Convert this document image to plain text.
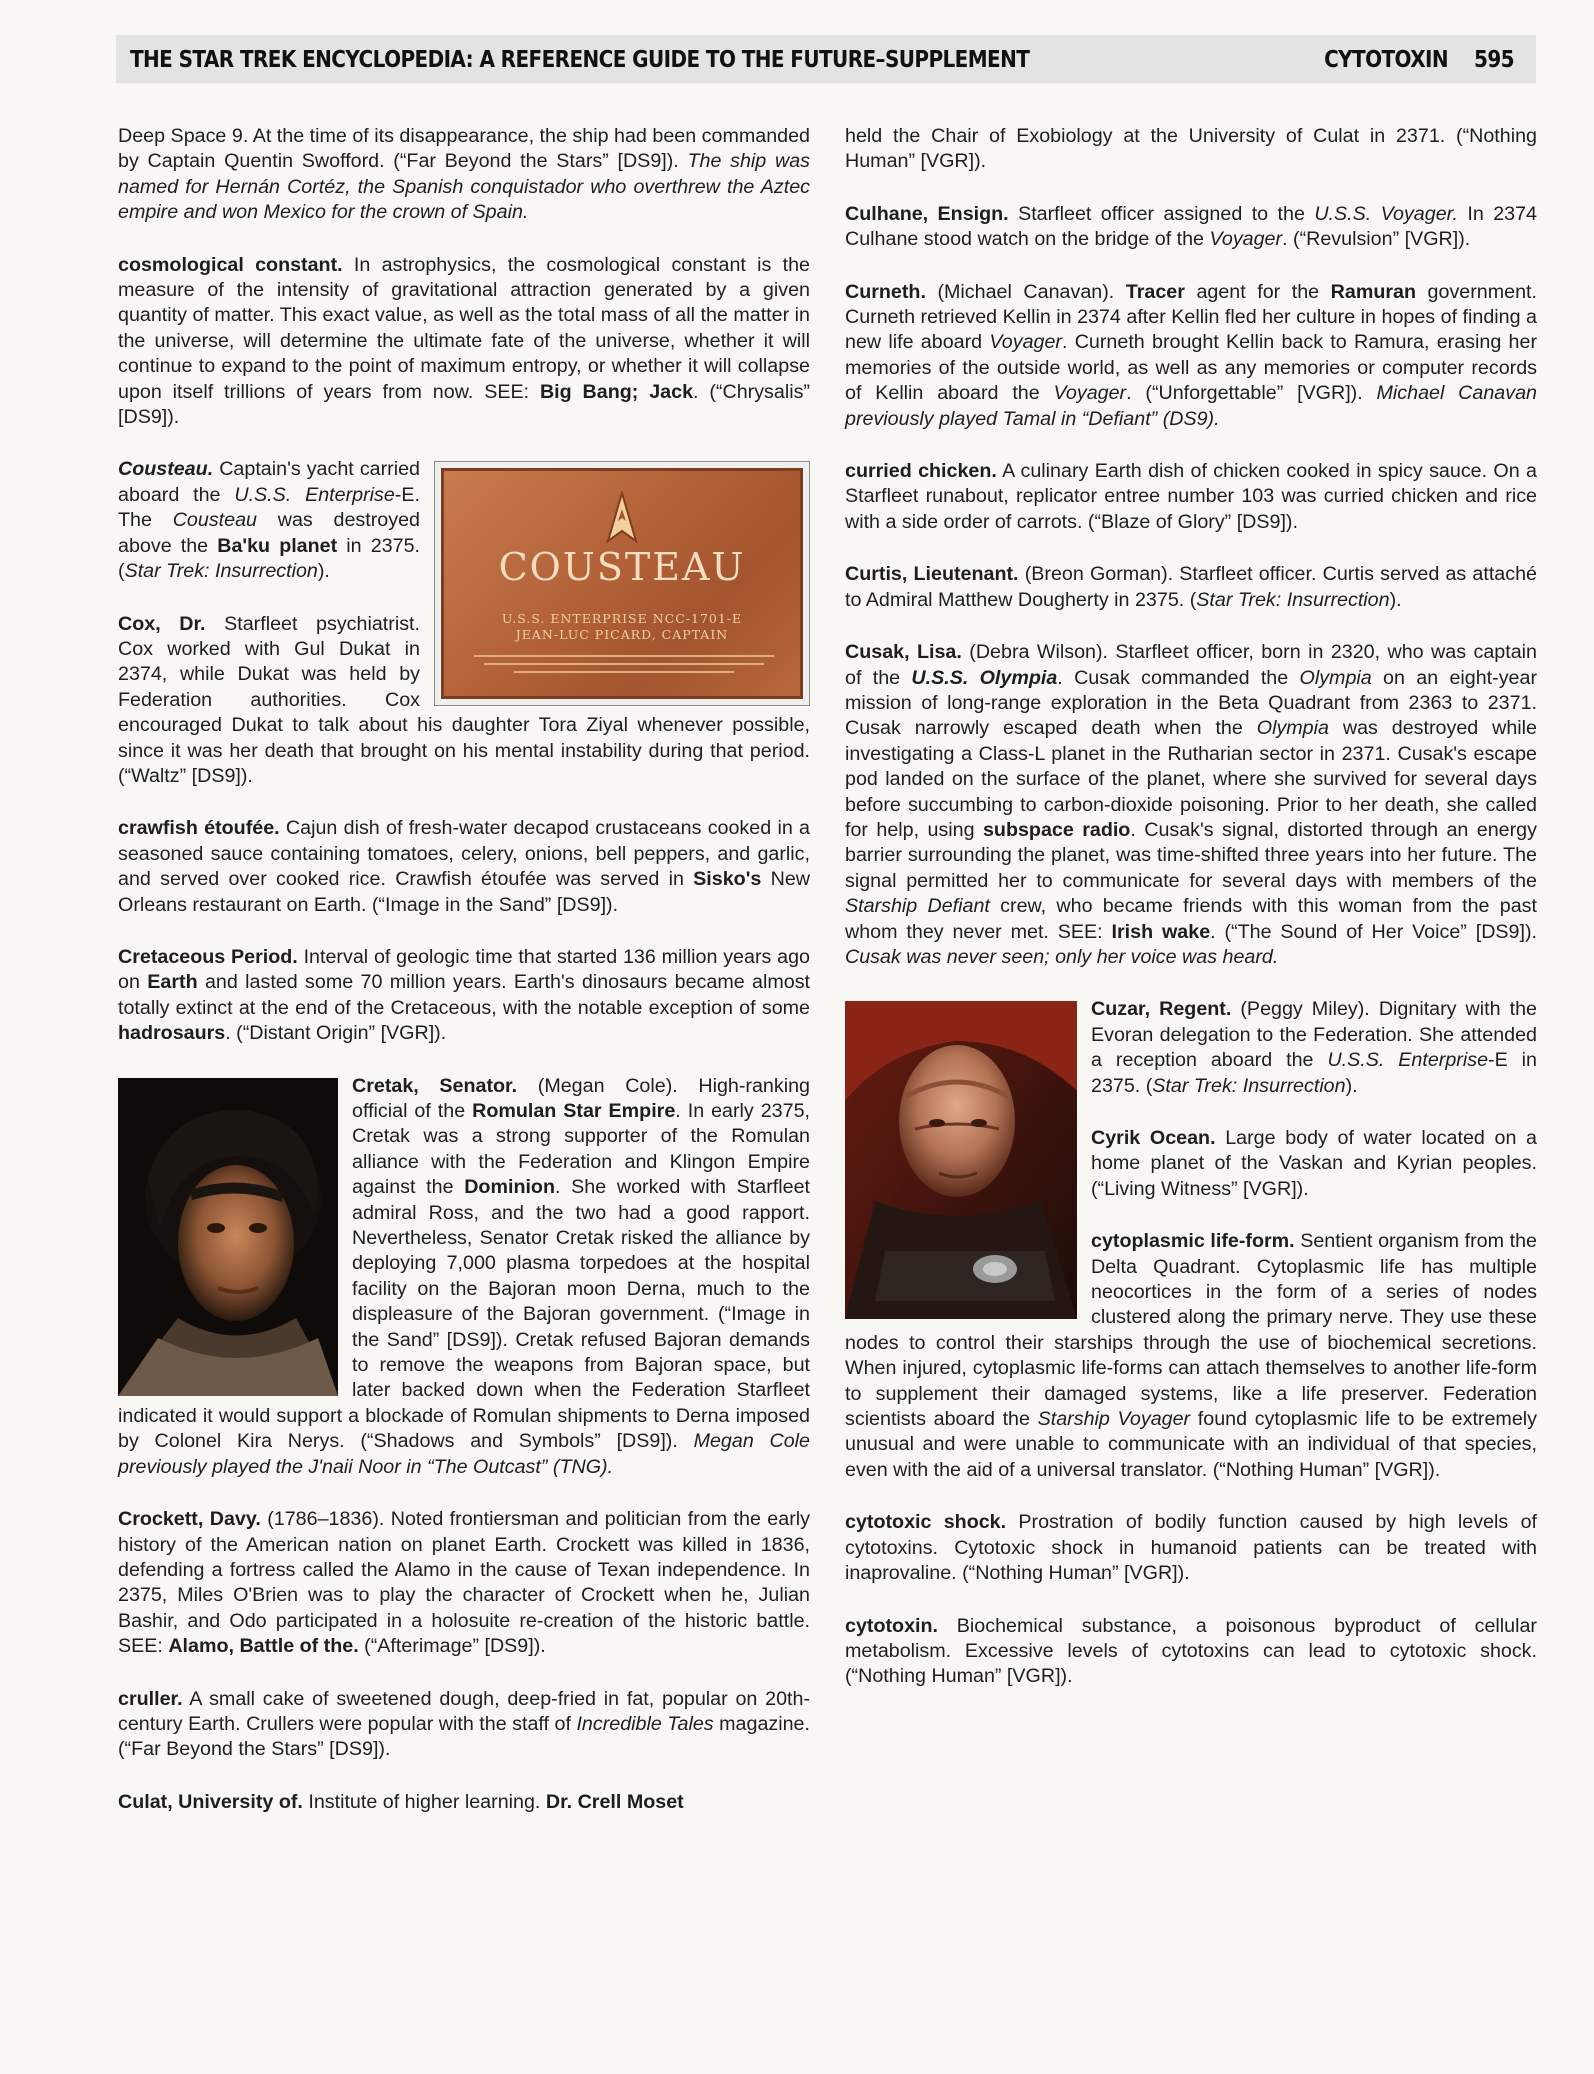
THE STAR TREK ENCYCLOPEDIA: A REFERENCE GUIDE TO THE FUTURE–SUPPLEMENT	CYTOTOXIN 595

Deep Space 9. At the time of its disappearance, the ship had been commanded by Captain Quentin Swofford. (“Far Beyond the Stars” [DS9]). The ship was named for Hernán Cortéz, the Spanish conquistador who overthrew the Aztec empire and won Mexico for the crown of Spain.

cosmological constant. In astrophysics, the cosmological constant is the measure of the intensity of gravitational attraction generated by a given quantity of matter. This exact value, as well as the total mass of all the matter in the universe, will determine the ultimate fate of the universe, whether it will continue to expand to the point of maximum entropy, or whether it will collapse upon itself trillions of years from now. SEE: Big Bang; Jack. (“Chrysalis” [DS9]).

COUSTEAU
U.S.S. ENTERPRISE NCC-1701-E
JEAN-LUC PICARD, CAPTAIN

Cousteau. Captain's yacht carried aboard the U.S.S. Enterprise-E. The Cousteau was destroyed above the Ba'ku planet in 2375. (Star Trek: Insurrection).

Cox, Dr. Starfleet psychiatrist. Cox worked with Gul Dukat in 2374, while Dukat was held by Federation authorities. Cox encouraged Dukat to talk about his daughter Tora Ziyal whenever possible, since it was her death that brought on his mental instability during that period. (“Waltz” [DS9]).

crawfish étoufée. Cajun dish of fresh-water decapod crustaceans cooked in a seasoned sauce containing tomatoes, celery, onions, bell peppers, and garlic, and served over cooked rice. Crawfish étoufée was served in Sisko's New Orleans restaurant on Earth. (“Image in the Sand” [DS9]).

Cretaceous Period. Interval of geologic time that started 136 million years ago on Earth and lasted some 70 million years. Earth's dinosaurs became almost totally extinct at the end of the Cretaceous, with the notable exception of some hadrosaurs. (“Distant Origin” [VGR]).

Cretak, Senator. (Megan Cole). High-ranking official of the Romulan Star Empire. In early 2375, Cretak was a strong supporter of the Romulan alliance with the Federation and Klingon Empire against the Dominion. She worked with Starfleet admiral Ross, and the two had a good rapport. Nevertheless, Senator Cretak risked the alliance by deploying 7,000 plasma torpedoes at the hospital facility on the Bajoran moon Derna, much to the displeasure of the Bajoran government. (“Image in the Sand” [DS9]). Cretak refused Bajoran demands to remove the weapons from Bajoran space, but later backed down when the Federation Starfleet indicated it would support a blockade of Romulan shipments to Derna imposed by Colonel Kira Nerys. (“Shadows and Symbols” [DS9]). Megan Cole previously played the J'naii Noor in “The Outcast” (TNG).

Crockett, Davy. (1786–1836). Noted frontiersman and politician from the early history of the American nation on planet Earth. Crockett was killed in 1836, defending a fortress called the Alamo in the cause of Texan independence. In 2375, Miles O'Brien was to play the character of Crockett when he, Julian Bashir, and Odo participated in a holosuite re-creation of the historic battle. SEE: Alamo, Battle of the. (“Afterimage” [DS9]).

cruller. A small cake of sweetened dough, deep-fried in fat, popular on 20th-century Earth. Crullers were popular with the staff of Incredible Tales magazine. (“Far Beyond the Stars” [DS9]).

Culat, University of. Institute of higher learning. Dr. Crell Moset

held the Chair of Exobiology at the University of Culat in 2371. (“Nothing Human” [VGR]).

Culhane, Ensign. Starfleet officer assigned to the U.S.S. Voyager. In 2374 Culhane stood watch on the bridge of the Voyager. (“Revulsion” [VGR]).

Curneth. (Michael Canavan). Tracer agent for the Ramuran government. Curneth retrieved Kellin in 2374 after Kellin fled her culture in hopes of finding a new life aboard Voyager. Curneth brought Kellin back to Ramura, erasing her memories of the outside world, as well as any memories or computer records of Kellin aboard the Voyager. (“Unforgettable” [VGR]). Michael Canavan previously played Tamal in “Defiant” (DS9).

curried chicken. A culinary Earth dish of chicken cooked in spicy sauce. On a Starfleet runabout, replicator entree number 103 was curried chicken and rice with a side order of carrots. (“Blaze of Glory” [DS9]).

Curtis, Lieutenant. (Breon Gorman). Starfleet officer. Curtis served as attaché to Admiral Matthew Dougherty in 2375. (Star Trek: Insurrection).

Cusak, Lisa. (Debra Wilson). Starfleet officer, born in 2320, who was captain of the U.S.S. Olympia. Cusak commanded the Olympia on an eight-year mission of long-range exploration in the Beta Quadrant from 2363 to 2371. Cusak narrowly escaped death when the Olympia was destroyed while investigating a Class-L planet in the Rutharian sector in 2371. Cusak's escape pod landed on the surface of the planet, where she survived for several days before succumbing to carbon-dioxide poisoning. Prior to her death, she called for help, using subspace radio. Cusak's signal, distorted through an energy barrier surrounding the planet, was time-shifted three years into her future. The signal permitted her to communicate for several days with members of the Starship Defiant crew, who became friends with this woman from the past whom they never met. SEE: Irish wake. (“The Sound of Her Voice” [DS9]). Cusak was never seen; only her voice was heard.

Cuzar, Regent. (Peggy Miley). Dignitary with the Evoran delegation to the Federation. She attended a reception aboard the U.S.S. Enterprise-E in 2375. (Star Trek: Insurrection).

Cyrik Ocean. Large body of water located on a home planet of the Vaskan and Kyrian peoples. (“Living Witness” [VGR]).

cytoplasmic life-form. Sentient organism from the Delta Quadrant. Cytoplasmic life has multiple neocortices in the form of a series of nodes clustered along the primary nerve. They use these nodes to control their starships through the use of biochemical secretions. When injured, cytoplasmic life-forms can attach themselves to another life-form to supplement their damaged systems, like a life preserver. Federation scientists aboard the Starship Voyager found cytoplasmic life to be extremely unusual and were unable to communicate with an individual of that species, even with the aid of a universal translator. (“Nothing Human” [VGR]).

cytotoxic shock. Prostration of bodily function caused by high levels of cytotoxins. Cytotoxic shock in humanoid patients can be treated with inaprovaline. (“Nothing Human” [VGR]).

cytotoxin. Biochemical substance, a poisonous byproduct of cellular metabolism. Excessive levels of cytotoxins can lead to cytotoxic shock. (“Nothing Human” [VGR]).
